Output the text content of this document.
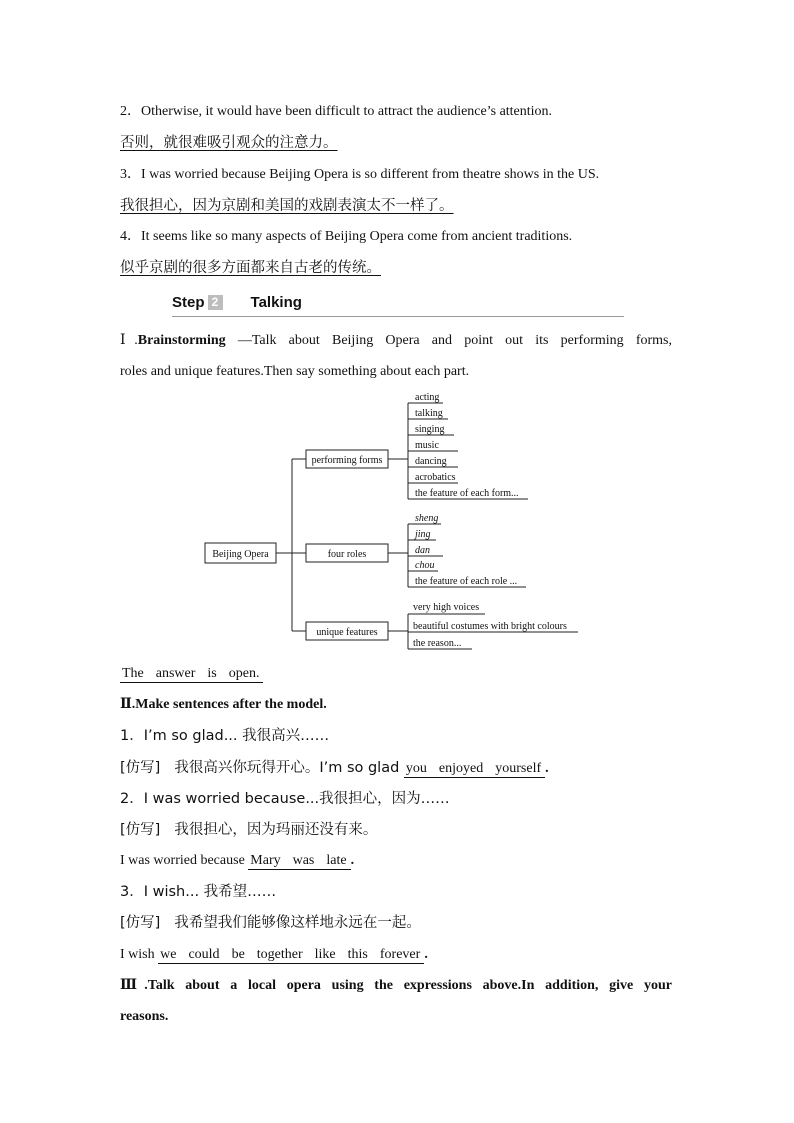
2．Otherwise, it would have been difficult to attract the audience’s attention.
否则，就很难吸引观众的注意力。
3．I was worried because Beijing Opera is so different from theatre shows in the US.
我很担心，因为京剧和美国的戏剧表演太不一样了。
4．It seems like so many aspects of Beijing Opera come from ancient traditions.
似乎京剧的很多方面都来自古老的传统。
Step 2 Talking
Ⅰ.Brainstorming —Talk about Beijing Opera and point out its performing forms,
roles and unique features.Then say something about each part.
Beijing Opera
performing forms
four roles
unique features
acting
talking
singing
music
dancing
acrobatics
the feature of each form...
sheng
jing
dan
chou
the feature of each role ...
very high voices
beautiful costumes with bright colours
the reason...
The answer is open.
Ⅱ.Make sentences after the model.
1．I’m so glad... 我很高兴……
[仿写] 我很高兴你玩得开心。I’m so glad you enjoyed yourself .
2．I was worried because...我很担心，因为……
[仿写] 我很担心，因为玛丽还没有来。
I was worried because Mary was late .
3．I wish... 我希望……
[仿写] 我希望我们能够像这样地永远在一起。
I wish we could be together like this forever .
Ⅲ.Talk about a local opera using the expressions above.In addition, give your
reasons.
